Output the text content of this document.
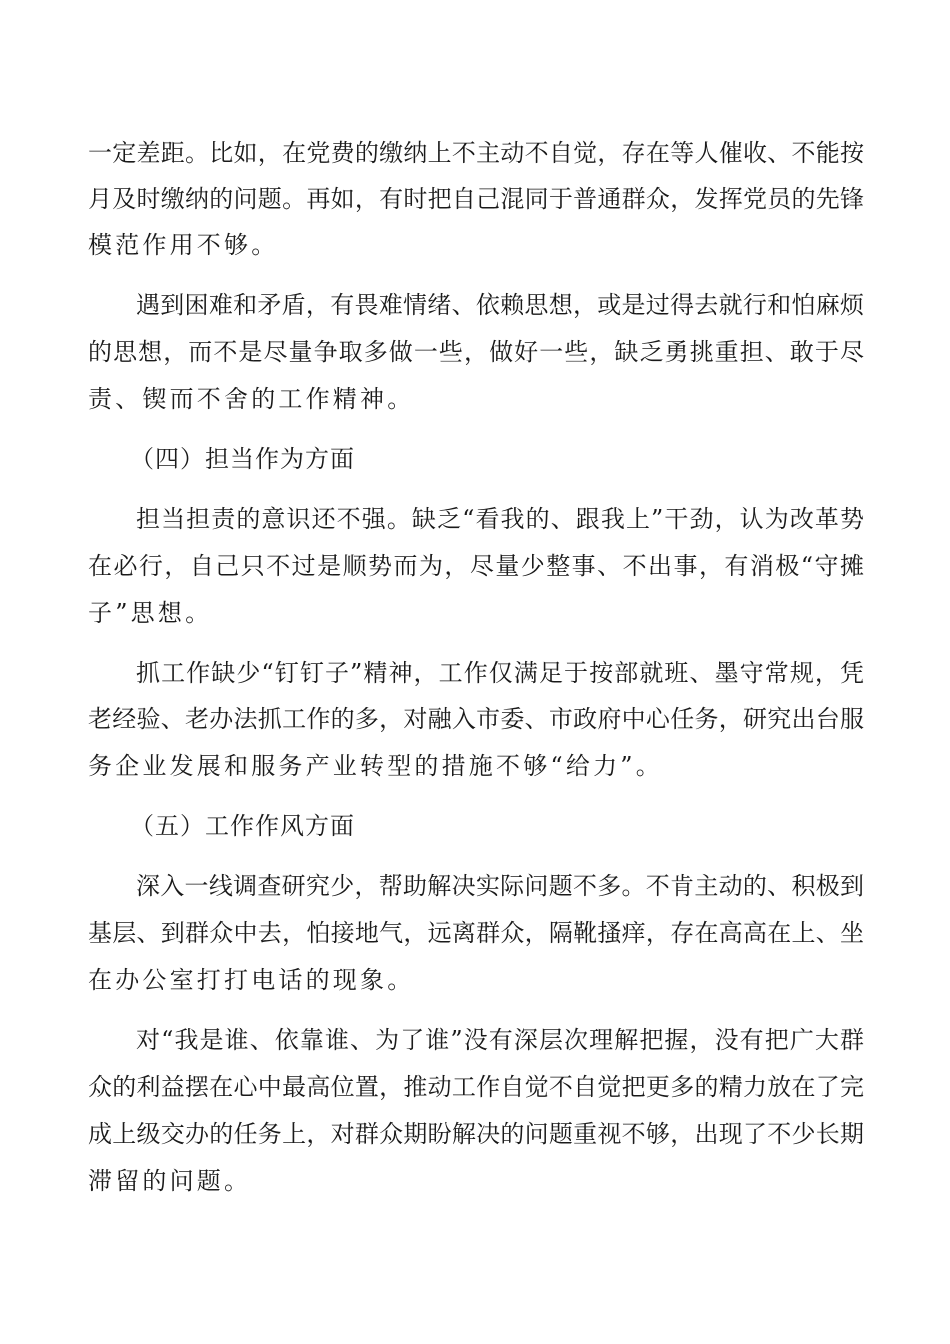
一定差距。比如，在党费的缴纳上不主动不自觉，存在等人催收、不能按
月及时缴纳的问题。再如，有时把自己混同于普通群众，发挥党员的先锋
模范作用不够。
遇到困难和矛盾，有畏难情绪、依赖思想，或是过得去就行和怕麻烦
的思想，而不是尽量争取多做一些，做好一些，缺乏勇挑重担、敢于尽
责、锲而不舍的工作精神。
（四）担当作为方面
担当担责的意识还不强。缺乏“看我的、跟我上”干劲，认为改革势
在必行，自己只不过是顺势而为，尽量少整事、不出事，有消极“守摊
子”思想。
抓工作缺少“钉钉子”精神，工作仅满足于按部就班、墨守常规，凭
老经验、老办法抓工作的多，对融入市委、市政府中心任务，研究出台服
务企业发展和服务产业转型的措施不够“给力”。
（五）工作作风方面
深入一线调查研究少，帮助解决实际问题不多。不肯主动的、积极到
基层、到群众中去，怕接地气，远离群众，隔靴搔痒，存在高高在上、坐
在办公室打打电话的现象。
对“我是谁、依靠谁、为了谁”没有深层次理解把握，没有把广大群
众的利益摆在心中最高位置，推动工作自觉不自觉把更多的精力放在了完
成上级交办的任务上，对群众期盼解决的问题重视不够，出现了不少长期
滞留的问题。
